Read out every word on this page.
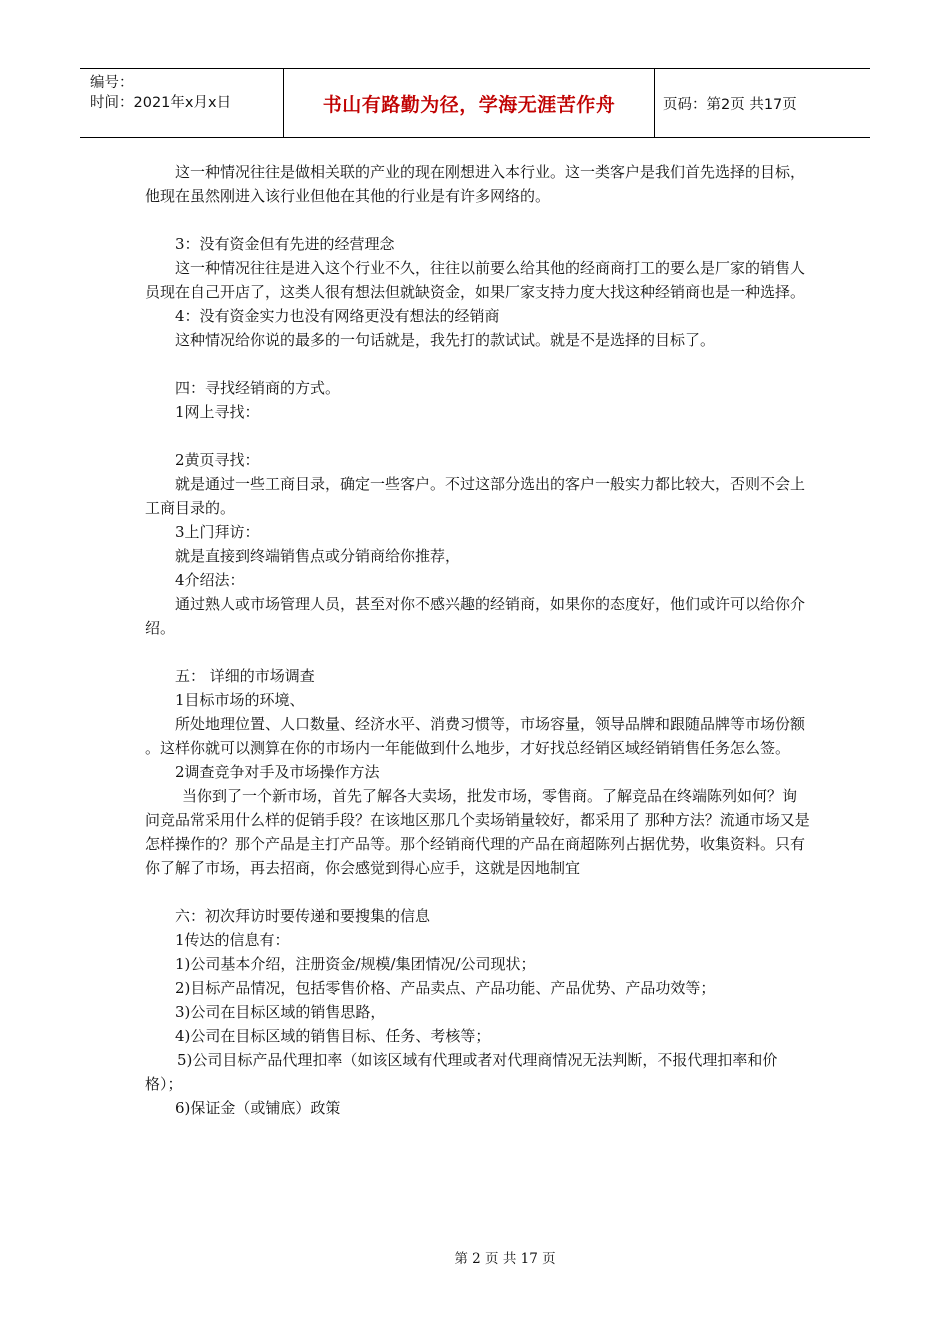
编号：
时间：2021年x月x日	书山有路勤为径，学海无涯苦作舟	页码：第2页 共17页

这一种情况往往是做相关联的产业的现在刚想进入本行业。这一类客户是我们首先选择的目标，他现在虽然刚进入该行业但他在其他的行业是有许多网络的。

3：没有资金但有先进的经营理念

这一种情况往往是进入这个行业不久，往往以前要么给其他的经商商打工的要么是厂家的销售人员现在自己开店了，这类人很有想法但就缺资金，如果厂家支持力度大找这种经销商也是一种选择。

4：没有资金实力也没有网络更没有想法的经销商

这种情况给你说的最多的一句话就是，我先打的款试试。就是不是选择的目标了。

四：寻找经销商的方式。

1网上寻找：

2黄页寻找：

就是通过一些工商目录，确定一些客户。不过这部分选出的客户一般实力都比较大，否则不会上工商目录的。

3上门拜访：

就是直接到终端销售点或分销商给你推荐，

4介绍法：

通过熟人或市场管理人员，甚至对你不感兴趣的经销商，如果你的态度好，他们或许可以给你介绍。

五： 详细的市场调查

1目标市场的环境、

所处地理位置、人口数量、经济水平、消费习惯等，市场容量，领导品牌和跟随品牌等市场份额 。这样你就可以测算在你的市场内一年能做到什么地步，才好找总经销区域经销销售任务怎么签。

2调查竞争对手及市场操作方法

当你到了一个新市场，首先了解各大卖场，批发市场，零售商。了解竞品在终端陈列如何？询问竞品常采用什么样的促销手段？在该地区那几个卖场销量较好，都采用了 那种方法？流通市场又是怎样操作的？那个产品是主打产品等。那个经销商代理的产品在商超陈列占据优势，收集资料。只有你了解了市场，再去招商，你会感觉到得心应手，这就是因地制宜

六：初次拜访时要传递和要搜集的信息

1传达的信息有：

1)公司基本介绍，注册资金/规模/集团情况/公司现状；

2)目标产品情况，包括零售价格、产品卖点、产品功能、产品优势、产品功效等；

3)公司在目标区域的销售思路，

4)公司在目标区域的销售目标、任务、考核等；

5)公司目标产品代理扣率（如该区域有代理或者对代理商情况无法判断，不报代理扣率和价格）；

6)保证金（或铺底）政策

第 2 页 共 17 页
